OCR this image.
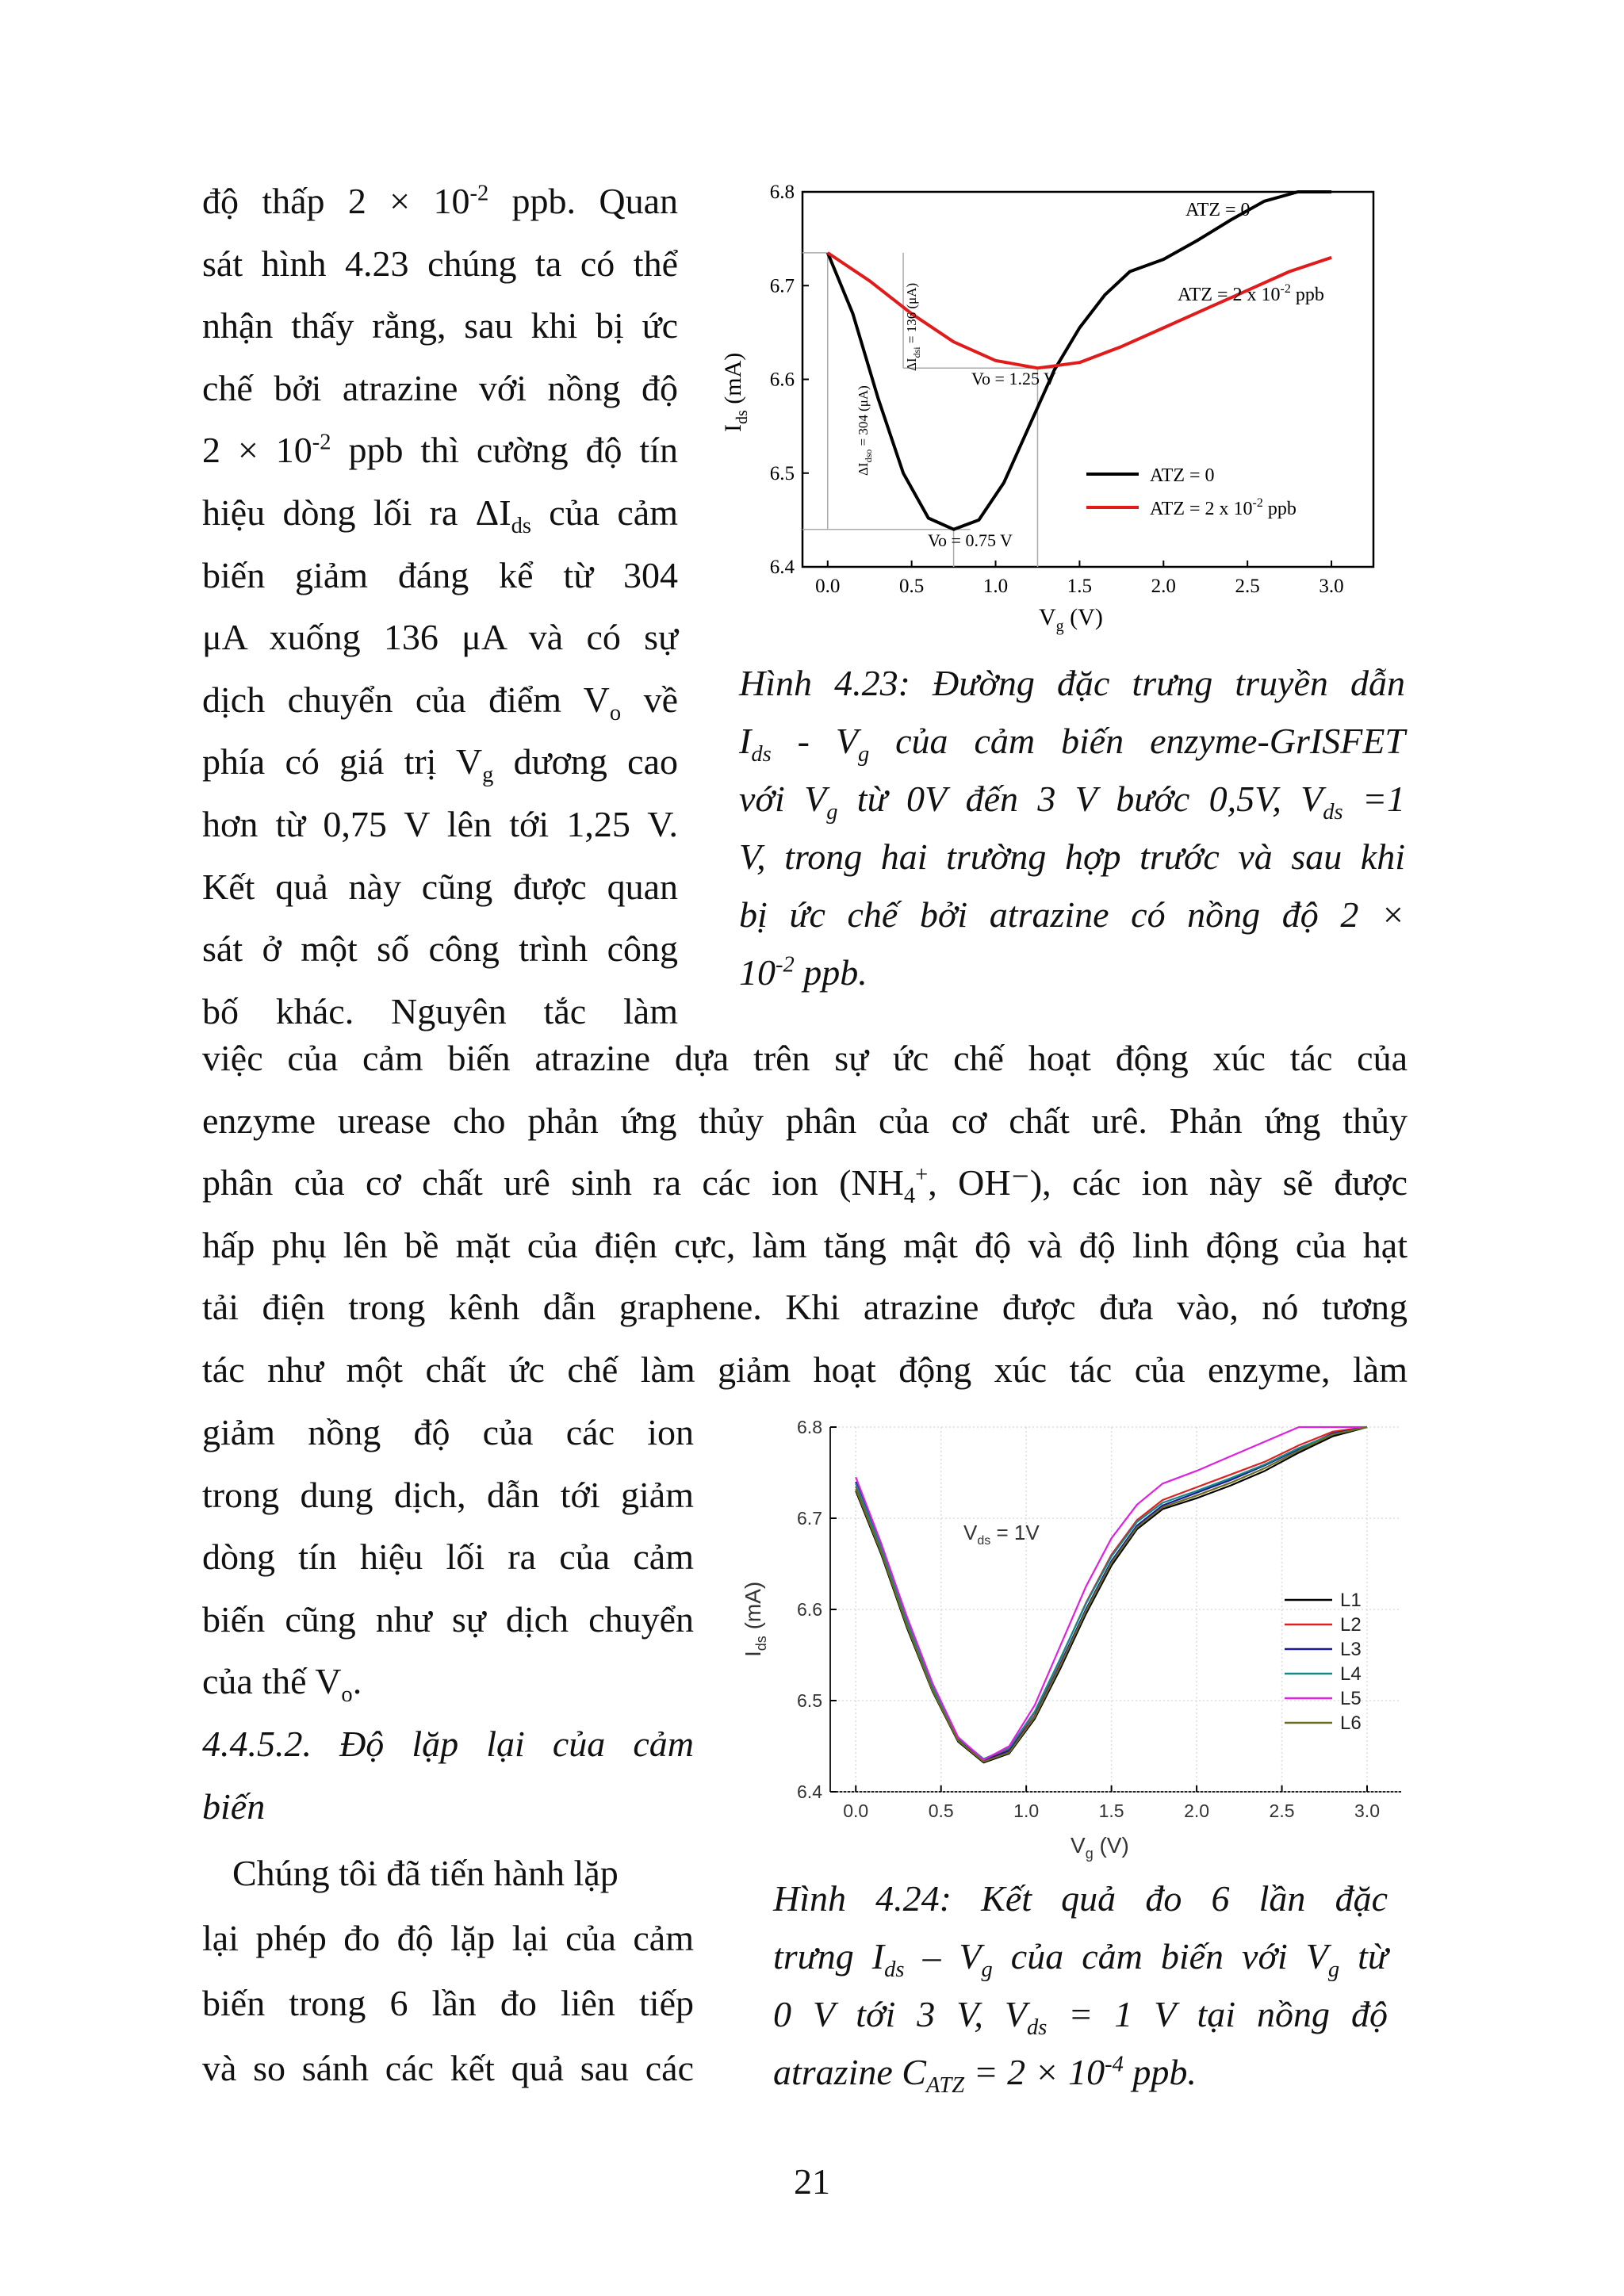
độ thấp $2 \times 10^{-2}$ ppb. Quan
sát hình 4.23 chúng ta có thể
nhận thấy rằng, sau khi bị ức
chế bởi atrazine với nồng độ
$2 \times 10^{-2}$ ppb thì cường độ tín
hiệu dòng lối ra $\Delta I_{ds}$ của cảm
biến giảm đáng kể từ 304
μA xuống 136 μA và có sự
dịch chuyển của điểm $V_o$ về
phía có giá trị $V_g$ dương cao
hơn từ 0,75 V lên tới 1,25 V.
Kết quả này cũng được quan
sát ở một số công trình công
bố khác. Nguyên tắc làm
0.0	0.5	1.0	1.5	2.0	2.5	3.0
6.4
6.5
6.6
6.7
6.8
ATZ = 0
ATZ = 2 x $10^{-2}$ ppb
Vo = 1.25 V
Vo = 0.75 V
$\Delta I_{dso} = 304$ (μA)
$\Delta I_{dsi} = 136$ (μA)
ATZ = 0
ATZ = 2 x $10^{-2}$ ppb
$I_{ds}$ (mA)
$V_g$ (V)
Hình 4.23: Đường đặc trưng truyền dẫn
$I_{ds} - V_g$ của cảm biến enzyme-GrISFET
với $V_g$ từ 0V đến 3 V bước 0,5V, $V_{ds} =1$
V, trong hai trường hợp trước và sau khi
bị ức chế bởi atrazine có nồng độ 2 ×
$10^{-2}$ ppb.
việc của cảm biến atrazine dựa trên sự ức chế hoạt động xúc tác của
enzyme urease cho phản ứng thủy phân của cơ chất urê. Phản ứng thủy
phân của cơ chất urê sinh ra các ion ($NH_4^+$, OH⁻), các ion này sẽ được
hấp phụ lên bề mặt của điện cực, làm tăng mật độ và độ linh động của hạt
tải điện trong kênh dẫn graphene. Khi atrazine được đưa vào, nó tương
tác như một chất ức chế làm giảm hoạt động xúc tác của enzyme, làm
giảm nồng độ của các ion
trong dung dịch, dẫn tới giảm
dòng tín hiệu lối ra của cảm
biến cũng như sự dịch chuyển
của thế $V_o$.
4.4.5.2. Độ lặp lại của cảm
biến
Chúng tôi đã tiến hành lặp
lại phép đo độ lặp lại của cảm
biến trong 6 lần đo liên tiếp
và so sánh các kết quả sau các
0.0	0.5	1.0	1.5	2.0	2.5	3.0
6.4
6.5
6.6
6.7
6.8
$V_{ds} = 1V$
L1
L2
L3
L4
L5
L6
$I_{ds}$ (mA)
$V_g$ (V)
Hình 4.24: Kết quả đo 6 lần đặc
trưng $I_{ds} - V_g$ của cảm biến với $V_g$ từ
0 V tới 3 V, $V_{ds} = 1$ V tại nồng độ
atrazine $C_{ATZ} = 2 \times 10^{-4}$ ppb.
21
